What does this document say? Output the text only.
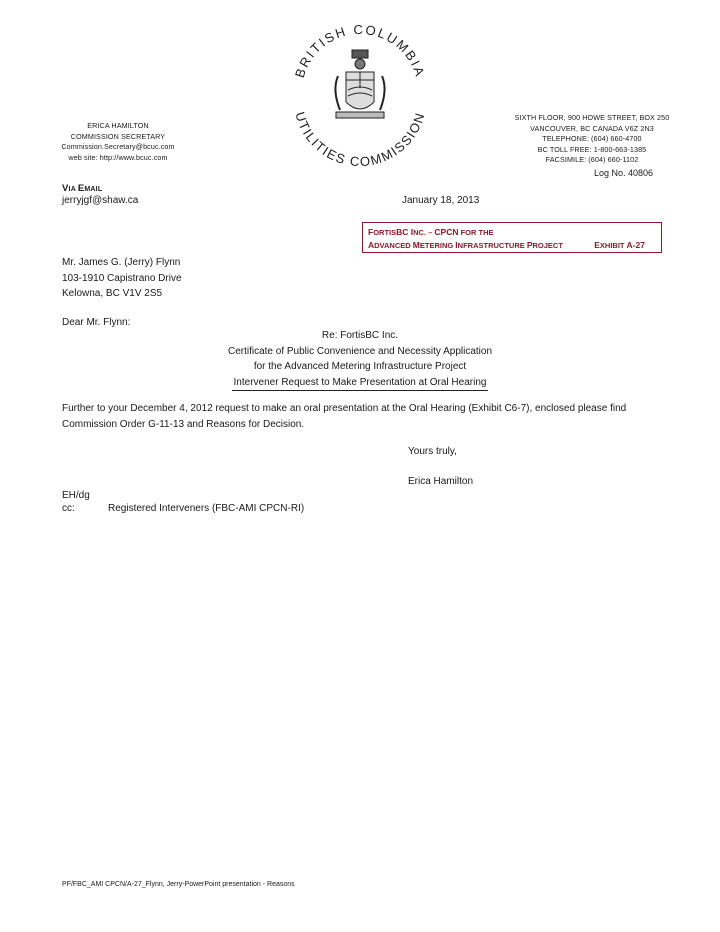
ERICA HAMILTON
COMMISSION SECRETARY
Commission.Secretary@bcuc.com
web site: http://www.bcuc.com
BRITISH COLUMBIA
UTILITIES COMMISSION	SIXTH FLOOR, 900 HOWE STREET, BOX 250
VANCOUVER, BC CANADA V6Z 2N3
TELEPHONE: (604) 660-4700
BC TOLL FREE: 1-800-663-1385
FACSIMILE: (604) 660-1102
Log No. 40806
VIA EMAIL
jerryjgf@shaw.ca	January 18, 2013
FORTISBC INC. – CPCN FOR THE
ADVANCED METERING INFRASTRUCTURE PROJECT	EXHIBIT A-27
Mr. James G. (Jerry) Flynn
103-1910 Capistrano Drive
Kelowna, BC V1V 2S5
Dear Mr. Flynn:
Re: FortisBC Inc.
Certificate of Public Convenience and Necessity Application
for the Advanced Metering Infrastructure Project
Intervener Request to Make Presentation at Oral Hearing
Further to your December 4, 2012 request to make an oral presentation at the Oral Hearing (Exhibit C6-7), enclosed please find Commission Order G-11-13 and Reasons for Decision.
Yours truly,
Erica Hamilton
EH/dg
cc:	Registered Interveners (FBC-AMI CPCN-RI)
PF/FBC_AMI CPCN/A-27_Flynn, Jerry-PowerPoint presentation - Reasons
